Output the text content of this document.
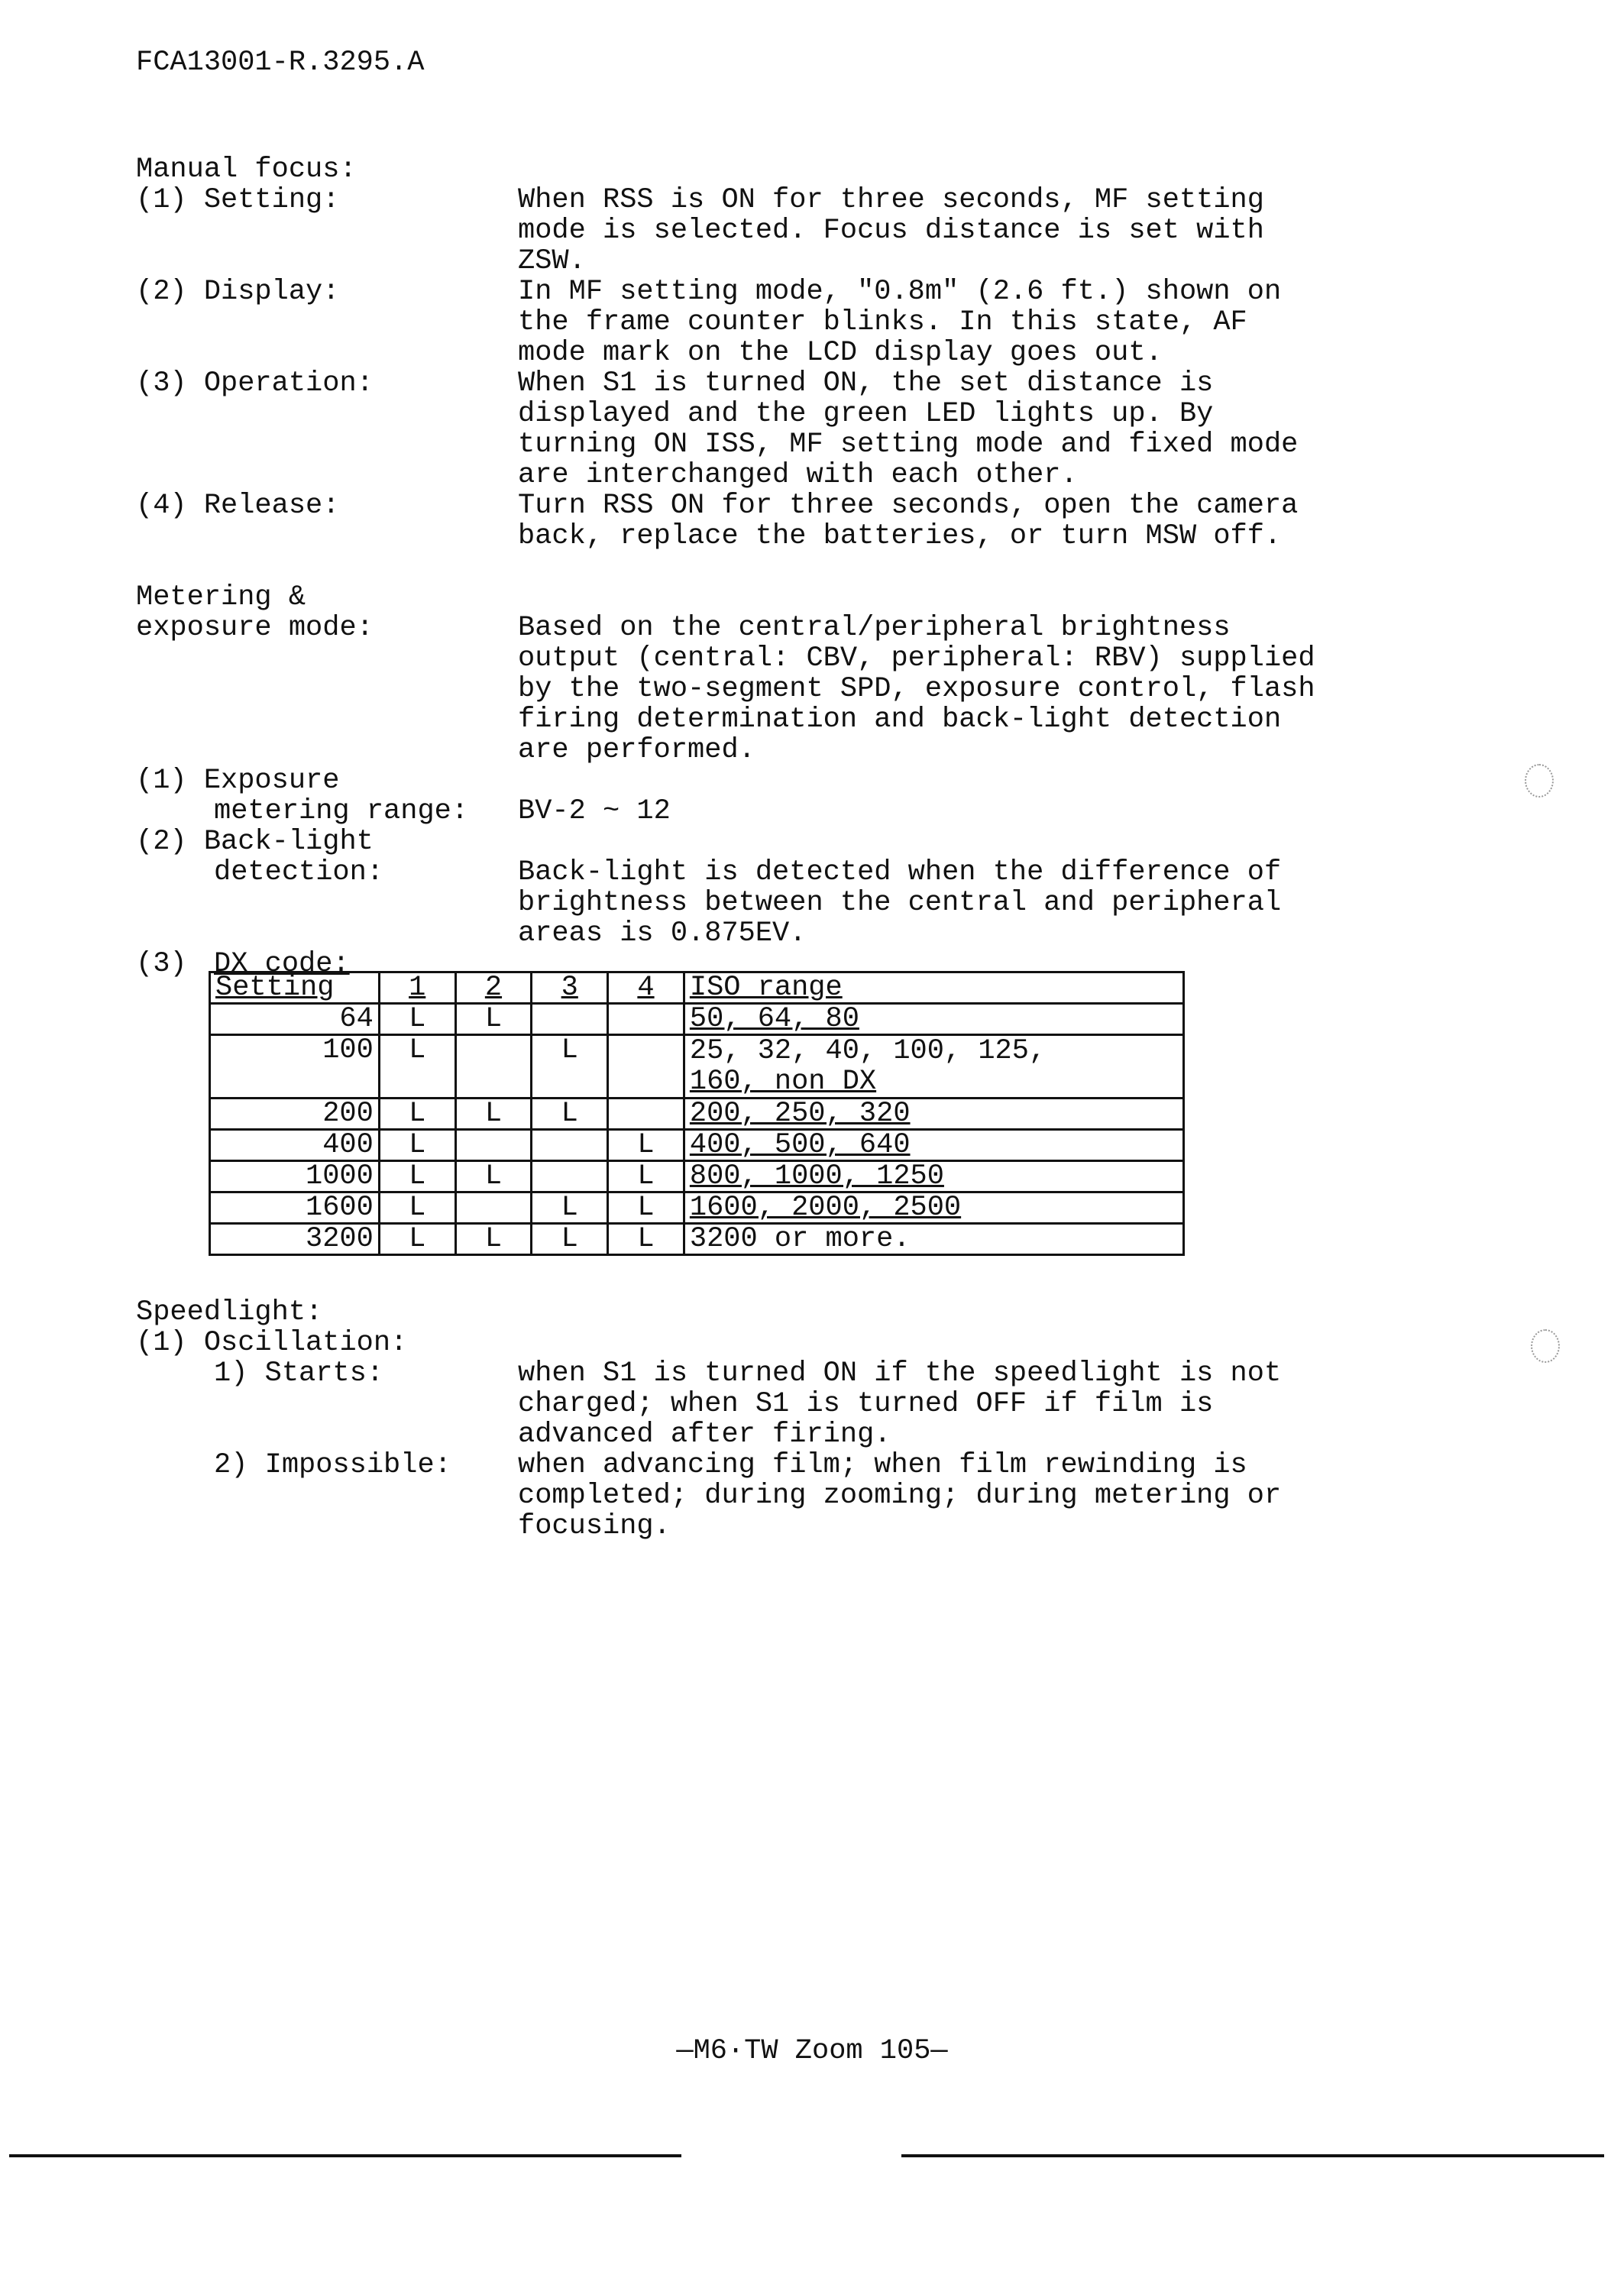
FCA13001-R.3295.A
Manual focus:
(1) Setting:	When RSS is ON for three seconds, MF setting
mode is selected. Focus distance is set with
ZSW.
(2) Display:	In MF setting mode, "0.8m" (2.6 ft.) shown on
the frame counter blinks. In this state, AF
mode mark on the LCD display goes out.
(3) Operation:	When S1 is turned ON, the set distance is
displayed and the green LED lights up. By
turning ON ISS, MF setting mode and fixed mode
are interchanged with each other.
(4) Release:	Turn RSS ON for three seconds, open the camera
back, replace the batteries, or turn MSW off.
Metering &
exposure mode:	Based on the central/peripheral brightness
output (central: CBV, peripheral: RBV) supplied
by the two-segment SPD, exposure control, flash
firing determination and back-light detection
are performed.
(1) Exposure
metering range: BV-2 ~ 12
(2) Back-light
detection:	Back-light is detected when the difference of
brightness between the central and peripheral
areas is 0.875EV.
(3) DX code:
Setting	1	2	3	4	ISO range
64	L	L			50, 64, 80
100	L		L		25, 32, 40, 100, 125,
160, non DX

200	L	L	L		200, 250, 320
400	L			L	400, 500, 640
1000	L	L		L	800, 1000, 1250
1600	L		L	L	1600, 2000, 2500
3200	L	L	L	L	3200 or more.
Speedlight:
(1) Oscillation:
1) Starts:	when S1 is turned ON if the speedlight is not
charged; when S1 is turned OFF if film is
advanced after firing.
2) Impossible: when advancing film; when film rewinding is
completed; during zooming; during metering or
focusing.
—M6·TW Zoom 105—
